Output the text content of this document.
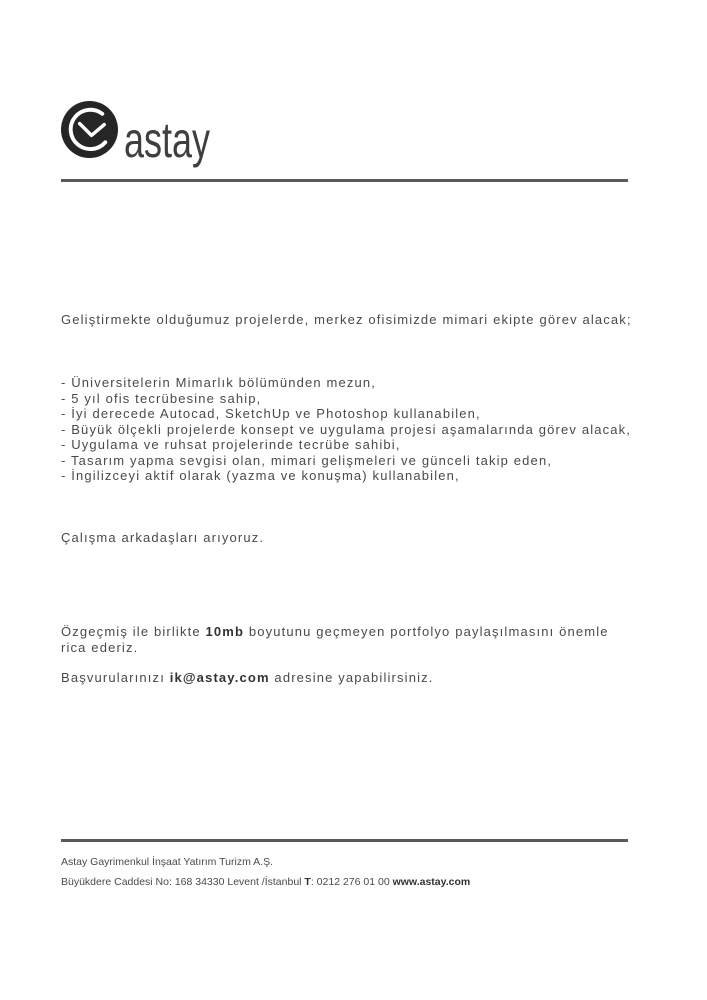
astay
Geliştirmekte olduğumuz projelerde, merkez ofisimizde mimari ekipte görev alacak;
- Üniversitelerin Mimarlık bölümünden mezun,
- 5 yıl ofis tecrübesine sahip,
- İyi derecede Autocad, SketchUp ve Photoshop kullanabilen,
- Büyük ölçekli projelerde konsept ve uygulama projesi aşamalarında görev alacak,
- Uygulama ve ruhsat projelerinde tecrübe sahibi,
- Tasarım yapma sevgisi olan, mimari gelişmeleri ve günceli takip eden,
- İngilizceyi aktif olarak (yazma ve konuşma) kullanabilen,
Çalışma arkadaşları arıyoruz.
Özgeçmiş ile birlikte 10mb boyutunu geçmeyen portfolyo paylaşılmasını önemle
rica ederiz.
Başvurularınızı ik@astay.com adresine yapabilirsiniz.
Astay Gayrimenkul İnşaat Yatırım Turizm A.Ş.
Büyükdere Caddesi No: 168 34330 Levent /İstanbul T: 0212 276 01 00 www.astay.com
